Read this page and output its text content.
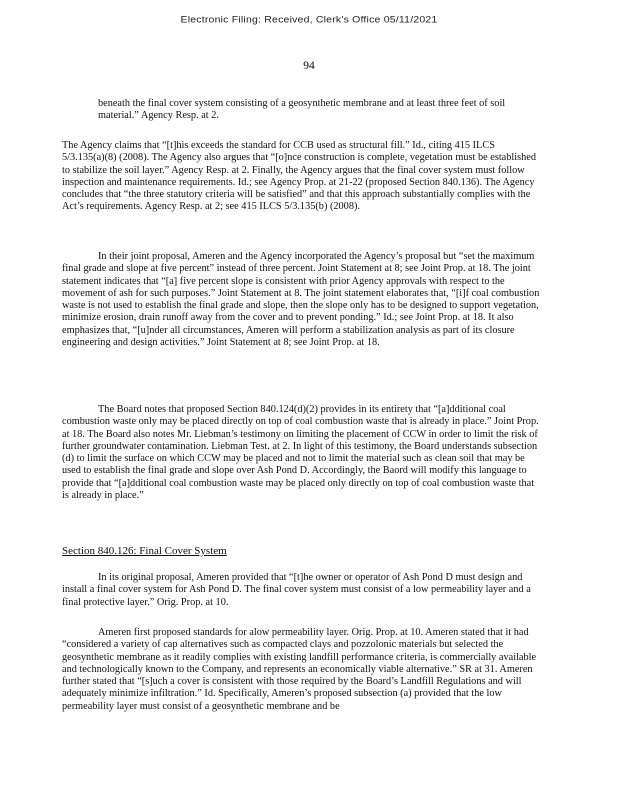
Electronic Filing: Received, Clerk's Office 05/11/2021
94

beneath the final cover system consisting of a geosynthetic membrane and at least three feet of soil material.” Agency Resp. at 2.

The Agency claims that “[t]his exceeds the standard for CCB used as structural fill.” Id., citing 415 ILCS 5/3.135(a)(8) (2008). The Agency also argues that “[o]nce construction is complete, vegetation must be established to stabilize the soil layer.” Agency Resp. at 2. Finally, the Agency argues that the final cover system must follow inspection and maintenance requirements. Id.; see Agency Prop. at 21-22 (proposed Section 840.136). The Agency concludes that “the three statutory criteria will be satisfied” and that this approach substantially complies with the Act’s requirements. Agency Resp. at 2; see 415 ILCS 5/3.135(b) (2008).

In their joint proposal, Ameren and the Agency incorporated the Agency’s proposal but “set the maximum final grade and slope at five percent” instead of three percent. Joint Statement at 8; see Joint Prop. at 18. The joint statement indicates that “[a] five percent slope is consistent with prior Agency approvals with respect to the movement of ash for such purposes.” Joint Statement at 8. The joint statement elaborates that, “[i]f coal combustion waste is not used to establish the final grade and slope, then the slope only has to be designed to support vegetation, minimize erosion, drain runoff away from the cover and to prevent ponding.” Id.; see Joint Prop. at 18. It also emphasizes that, “[u]nder all circumstances, Ameren will perform a stabilization analysis as part of its closure engineering and design activities.” Joint Statement at 8; see Joint Prop. at 18.

The Board notes that proposed Section 840.124(d)(2) provides in its entirety that “[a]dditional coal combustion waste only may be placed directly on top of coal combustion waste that is already in place.” Joint Prop. at 18. The Board also notes Mr. Liebman’s testimony on limiting the placement of CCW in order to limit the risk of further groundwater contamination. Liebman Test. at 2. In light of this testimony, the Board understands subsection (d) to limit the surface on which CCW may be placed and not to limit the material such as clean soil that may be used to establish the final grade and slope over Ash Pond D. Accordingly, the Baord will modify this language to provide that “[a]dditional coal combustion waste may be placed only directly on top of coal combustion waste that is already in place.”

Section 840.126: Final Cover System

In its original proposal, Ameren provided that “[t]he owner or operator of Ash Pond D must design and install a final cover system for Ash Pond D. The final cover system must consist of a low permeability layer and a final protective layer.” Orig. Prop. at 10.

Ameren first proposed standards for alow permeability layer. Orig. Prop. at 10. Ameren stated that it had “considered a variety of cap alternatives such as compacted clays and pozzolonic materials but selected the geosynthetic membrane as it readily complies with existing landfill performance criteria, is commercially available and technologically known to the Company, and represents an economically viable alternative.” SR at 31. Ameren further stated that “[s]uch a cover is consistent with those required by the Board’s Landfill Regulations and will adequately minimize infiltration.” Id. Specifically, Ameren’s proposed subsection (a) provided that the low permeability layer must consist of a geosynthetic membrane and be
